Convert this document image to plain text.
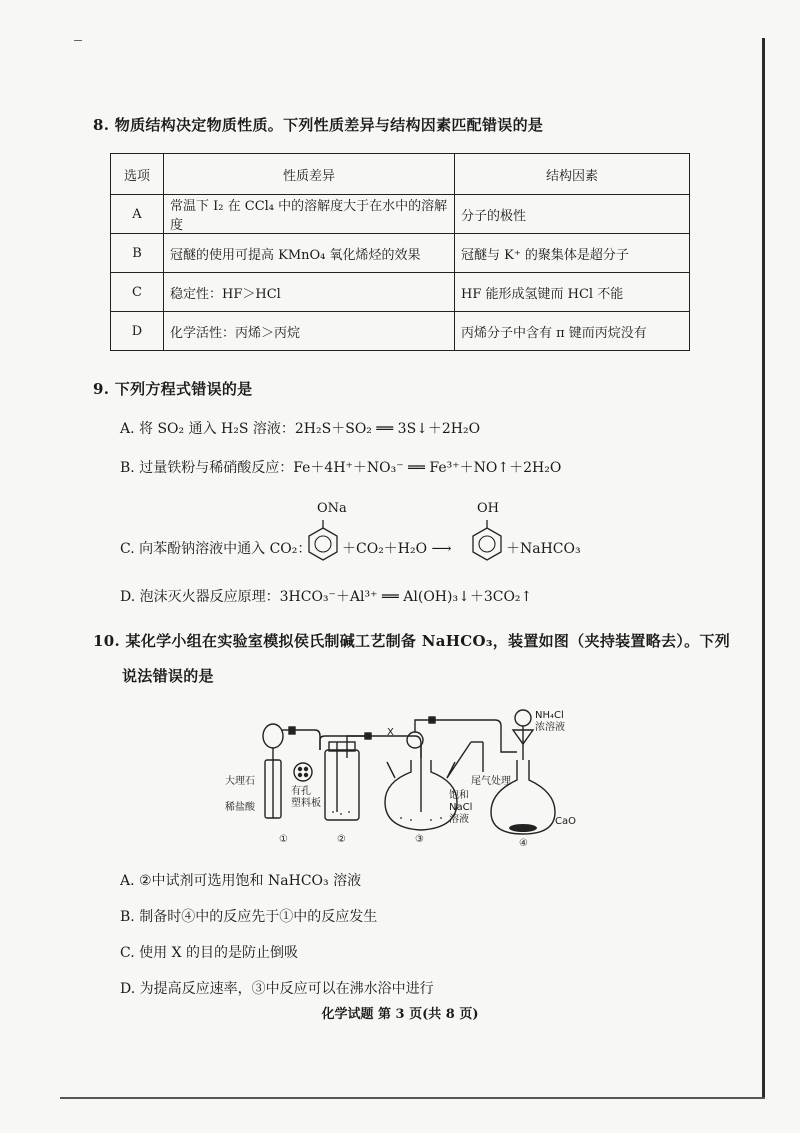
8. 物质结构决定物质性质。下列性质差异与结构因素匹配错误的是
选项	性质差异	结构因素
A	常温下 I₂ 在 CCl₄ 中的溶解度大于在水中的溶解度	分子的极性
B	冠醚的使用可提高 KMnO₄ 氧化烯烃的效果	冠醚与 K⁺ 的聚集体是超分子
C	稳定性：HF＞HCl	HF 能形成氢键而 HCl 不能
D	化学活性：丙烯＞丙烷	丙烯分子中含有 π 键而丙烷没有
9. 下列方程式错误的是
A. 将 SO₂ 通入 H₂S 溶液：2H₂S＋SO₂ ══ 3S↓＋2H₂O
B. 过量铁粉与稀硝酸反应：Fe＋4H⁺＋NO₃⁻ ══ Fe³⁺＋NO↑＋2H₂O
C. 向苯酚钠溶液中通入 CO₂：
ONa
＋CO₂＋H₂O ⟶
OH
＋NaHCO₃
D. 泡沫灭火器反应原理：3HCO₃⁻＋Al³⁺ ══ Al(OH)₃↓＋3CO₂↑
10. 某化学小组在实验室模拟侯氏制碱工艺制备 NaHCO₃，装置如图（夹持装置略去）。下列
说法错误的是
大理石
稀盐酸
有孔
塑料板
X
饱和
NaCl
溶液
尾气处理
NH₄Cl
浓溶液
CaO
①	②	③	④
A. ②中试剂可选用饱和 NaHCO₃ 溶液
B. 制备时④中的反应先于①中的反应发生
C. 使用 X 的目的是防止倒吸
D. 为提高反应速率，③中反应可以在沸水浴中进行
化学试题 第 3 页(共 8 页)
